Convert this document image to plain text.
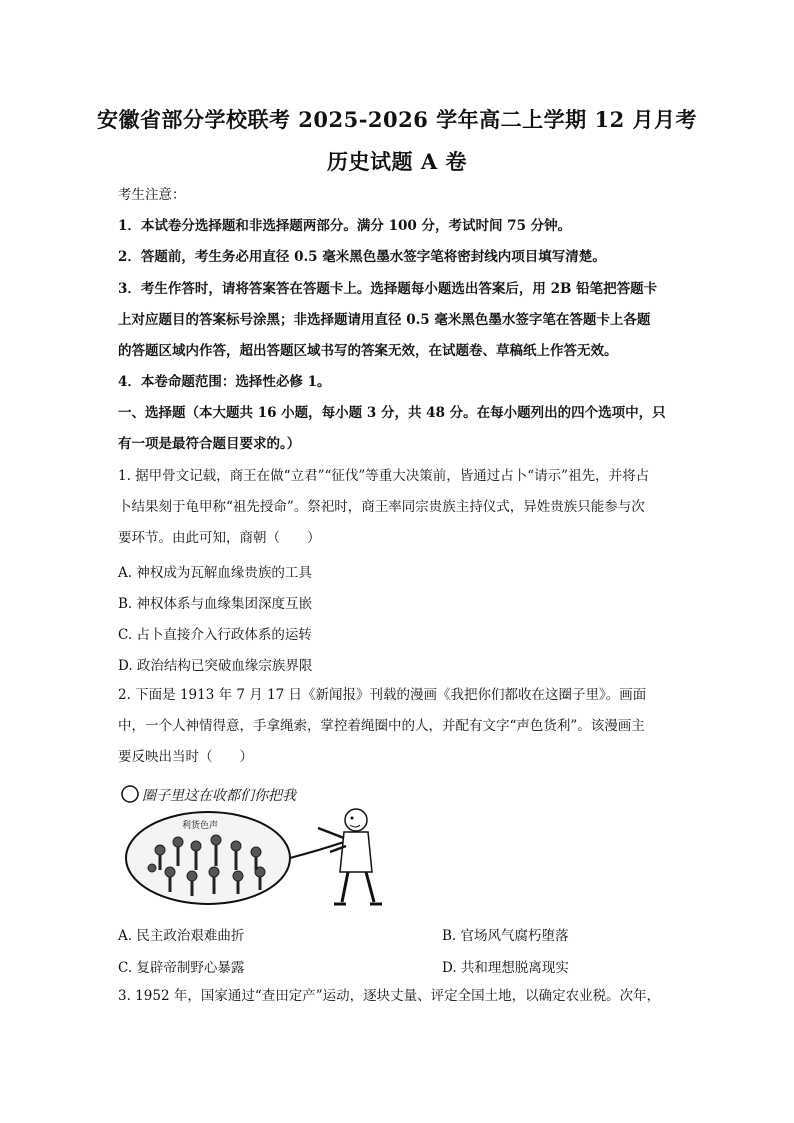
安徽省部分学校联考 2025-2026 学年高二上学期 12 月月考
历史试题 A 卷
考生注意：
1．本试卷分选择题和非选择题两部分。满分 100 分，考试时间 75 分钟。
2．答题前，考生务必用直径 0.5 毫米黑色墨水签字笔将密封线内项目填写清楚。
3．考生作答时，请将答案答在答题卡上。选择题每小题选出答案后，用 2B 铅笔把答题卡
上对应题目的答案标号涂黑；非选择题请用直径 0.5 毫米黑色墨水签字笔在答题卡上各题
的答题区域内作答，超出答题区域书写的答案无效，在试题卷、草稿纸上作答无效。
4．本卷命题范围：选择性必修 1。
一、选择题（本大题共 16 小题，每小题 3 分，共 48 分。在每小题列出的四个选项中，只
有一项是最符合题目要求的。）
1. 据甲骨文记载，商王在做“立君”“征伐”等重大决策前，皆通过占卜“请示”祖先，并将占
卜结果刻于龟甲称“祖先授命”。祭祀时，商王率同宗贵族主持仪式，异姓贵族只能参与次
要环节。由此可知，商朝（　　）
A. 神权成为瓦解血缘贵族的工具
B. 神权体系与血缘集团深度互嵌
C. 占卜直接介入行政体系的运转
D. 政治结构已突破血缘宗族界限
2. 下面是 1913 年 7 月 17 日《新闻报》刊载的漫画《我把你们都收在这圈子里》。画面
中，一个人神情得意，手拿绳索，掌控着绳圈中的人，并配有文字“声色货利”。该漫画主
要反映出当时（　　）
圈子里这在收都们你把我
利货色声
A. 民主政治艰难曲折	B. 官场风气腐朽堕落
C. 复辟帝制野心暴露	D. 共和理想脱离现实
3. 1952 年，国家通过“查田定产”运动，逐块丈量、评定全国土地，以确定农业税。次年，
